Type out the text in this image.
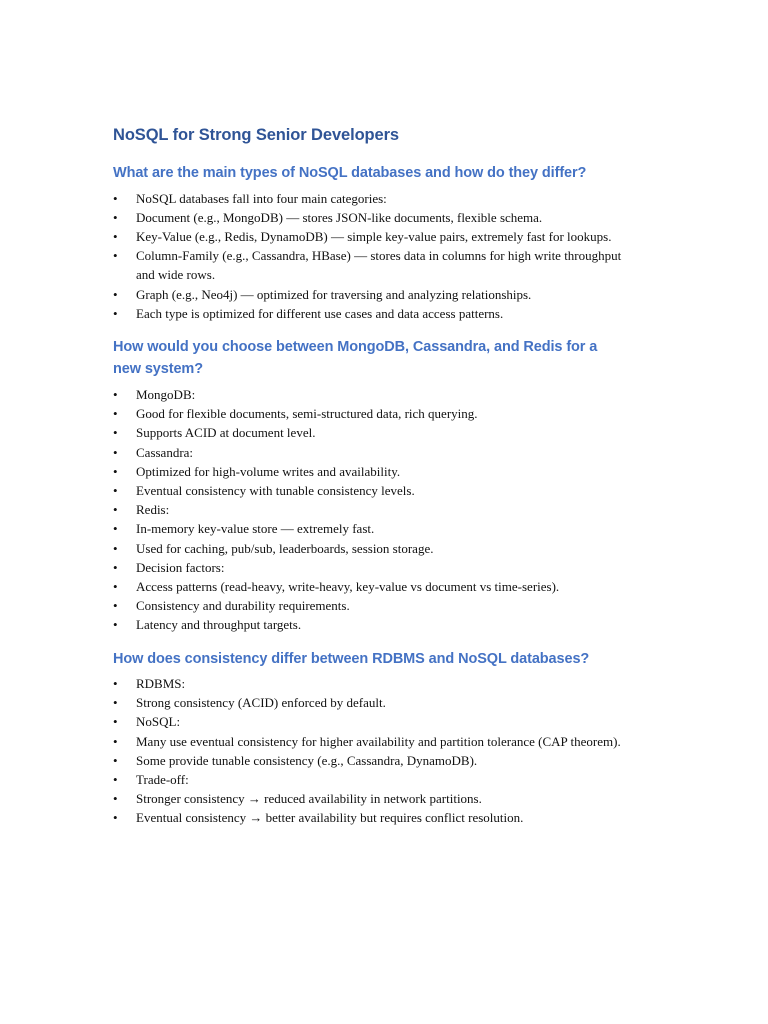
NoSQL for Strong Senior Developers
What are the main types of NoSQL databases and how do they differ?
• NoSQL databases fall into four main categories:
• Document (e.g., MongoDB) — stores JSON-like documents, flexible schema.
• Key-Value (e.g., Redis, DynamoDB) — simple key-value pairs, extremely fast for lookups.
• Column-Family (e.g., Cassandra, HBase) — stores data in columns for high write throughput and wide rows.
• Graph (e.g., Neo4j) — optimized for traversing and analyzing relationships.
• Each type is optimized for different use cases and data access patterns.
How would you choose between MongoDB, Cassandra, and Redis for a new system?
• MongoDB:
• Good for flexible documents, semi-structured data, rich querying.
• Supports ACID at document level.
• Cassandra:
• Optimized for high-volume writes and availability.
• Eventual consistency with tunable consistency levels.
• Redis:
• In-memory key-value store — extremely fast.
• Used for caching, pub/sub, leaderboards, session storage.
• Decision factors:
• Access patterns (read-heavy, write-heavy, key-value vs document vs time-series).
• Consistency and durability requirements.
• Latency and throughput targets.
How does consistency differ between RDBMS and NoSQL databases?
• RDBMS:
• Strong consistency (ACID) enforced by default.
• NoSQL:
• Many use eventual consistency for higher availability and partition tolerance (CAP theorem).
• Some provide tunable consistency (e.g., Cassandra, DynamoDB).
• Trade-off:
• Stronger consistency → reduced availability in network partitions.
• Eventual consistency → better availability but requires conflict resolution.
